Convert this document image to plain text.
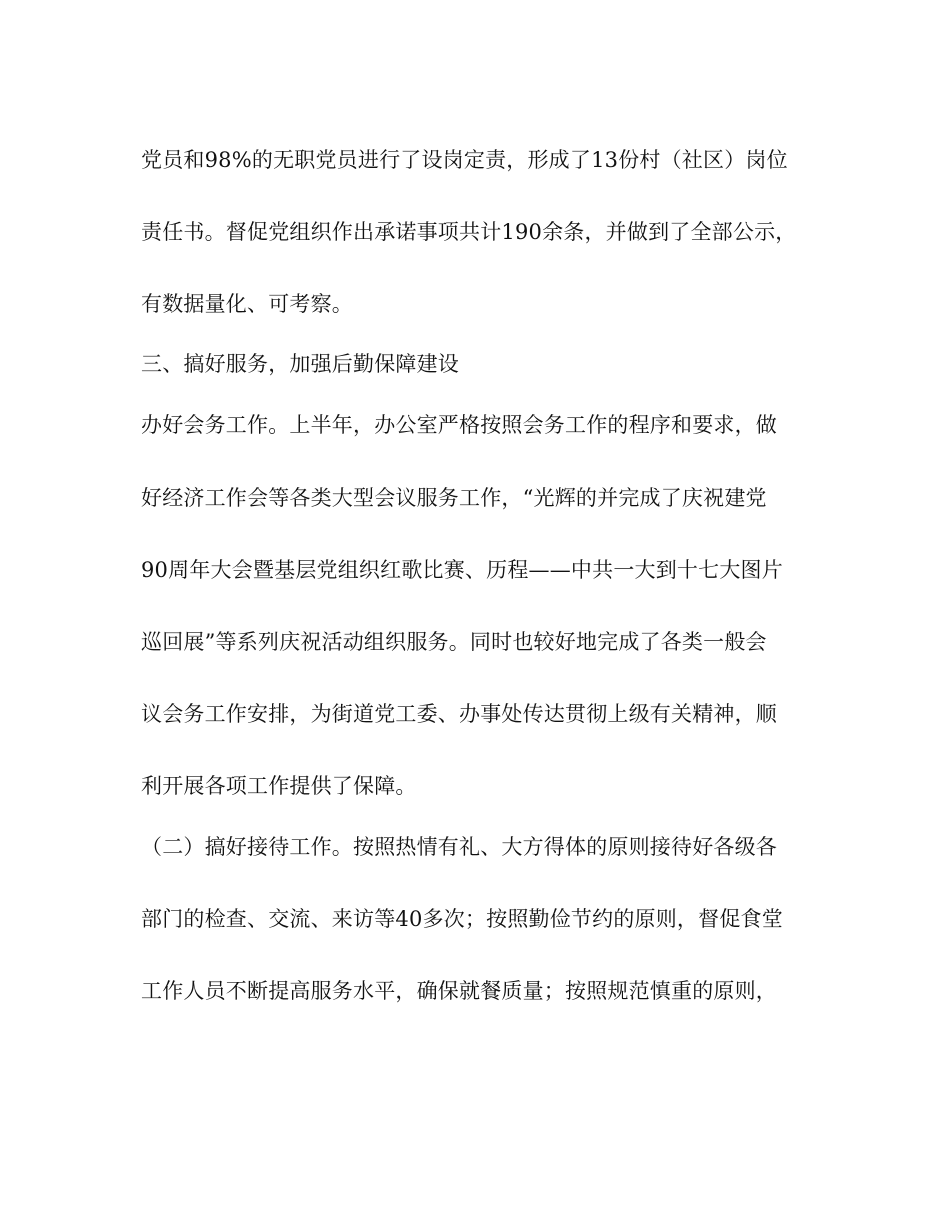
党员和98%的无职党员进行了设岗定责，形成了13份村（社区）岗位
责任书。督促党组织作出承诺事项共计190余条，并做到了全部公示，
有数据量化、可考察。
三、搞好服务，加强后勤保障建设
办好会务工作。上半年，办公室严格按照会务工作的程序和要求，做
好经济工作会等各类大型会议服务工作，“光辉的并完成了庆祝建党
90周年大会暨基层党组织红歌比赛、历程——中共一大到十七大图片
巡回展”等系列庆祝活动组织服务。同时也较好地完成了各类一般会
议会务工作安排，为街道党工委、办事处传达贯彻上级有关精神，顺
利开展各项工作提供了保障。
（二）搞好接待工作。按照热情有礼、大方得体的原则接待好各级各
部门的检查、交流、来访等40多次；按照勤俭节约的原则，督促食堂
工作人员不断提高服务水平，确保就餐质量；按照规范慎重的原则，
